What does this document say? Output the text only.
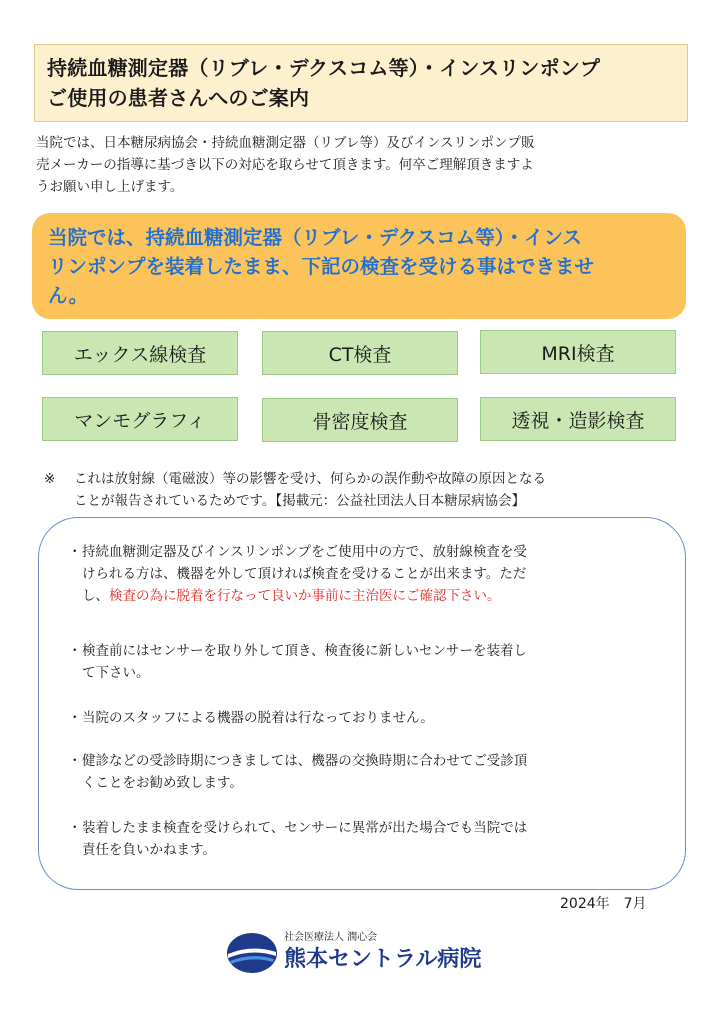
持続血糖測定器（リブレ・デクスコム等）・インスリンポンプ
ご使用の患者さんへのご案内
当院では、日本糖尿病協会・持続血糖測定器（リブレ等）及びインスリンポンプ販
売メーカーの指導に基づき以下の対応を取らせて頂きます。何卒ご理解頂きますよ
うお願い申し上げます。
当院では、持続血糖測定器（リブレ・デクスコム等）・インス
リンポンプを装着したまま、下記の検査を受ける事はできませ
ん。
エックス線検査	CT検査	MRI検査
マンモグラフィ	骨密度検査	透視・造影検査
※	これは放射線（電磁波）等の影響を受け、何らかの誤作動や故障の原因となる
ことが報告されているためです。【掲載元：公益社団法人日本糖尿病協会】
・ 持続血糖測定器及びインスリンポンプをご使用中の方で、放射線検査を受
けられる方は、機器を外して頂ければ検査を受けることが出来ます。ただ
し、検査の為に脱着を行なって良いか事前に主治医にご確認下さい。
・ 検査前にはセンサーを取り外して頂き、検査後に新しいセンサーを装着し
て下さい。
・ 当院のスタッフによる機器の脱着は行なっておりません。
・ 健診などの受診時期につきましては、機器の交換時期に合わせてご受診頂
くことをお勧め致します。
・ 装着したまま検査を受けられて、センサーに異常が出た場合でも当院では
責任を負いかねます。
2024年　7月
社会医療法人 潤心会
熊本セントラル病院
